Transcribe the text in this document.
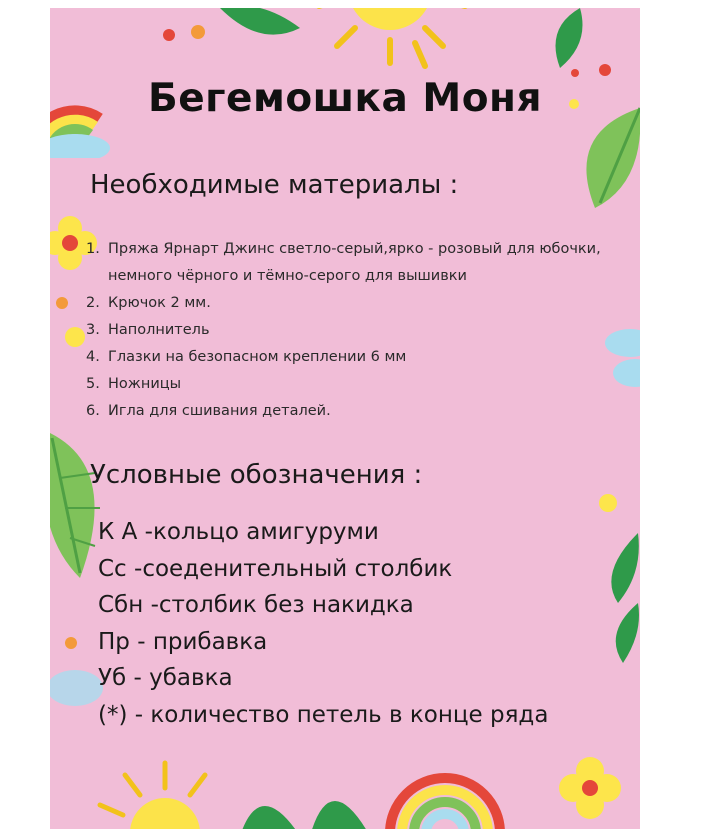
Бегемошка Моня
Необходимые материалы :
1. Пряжа Ярнарт Джинс светло-серый,ярко - розовый для юбочки, немного чёрного и тёмно-серого для вышивки
2. Крючок 2 мм.
3. Наполнитель
4. Глазки на безопасном креплении 6 мм
5. Ножницы
6. Игла для сшивания деталей.
Условные обозначения :
К А -кольцо амигуруми
Сс -соеденительный столбик
Сбн -столбик без накидка
Пр - прибавка
Уб - убавка
(*) - количество петель в конце ряда
